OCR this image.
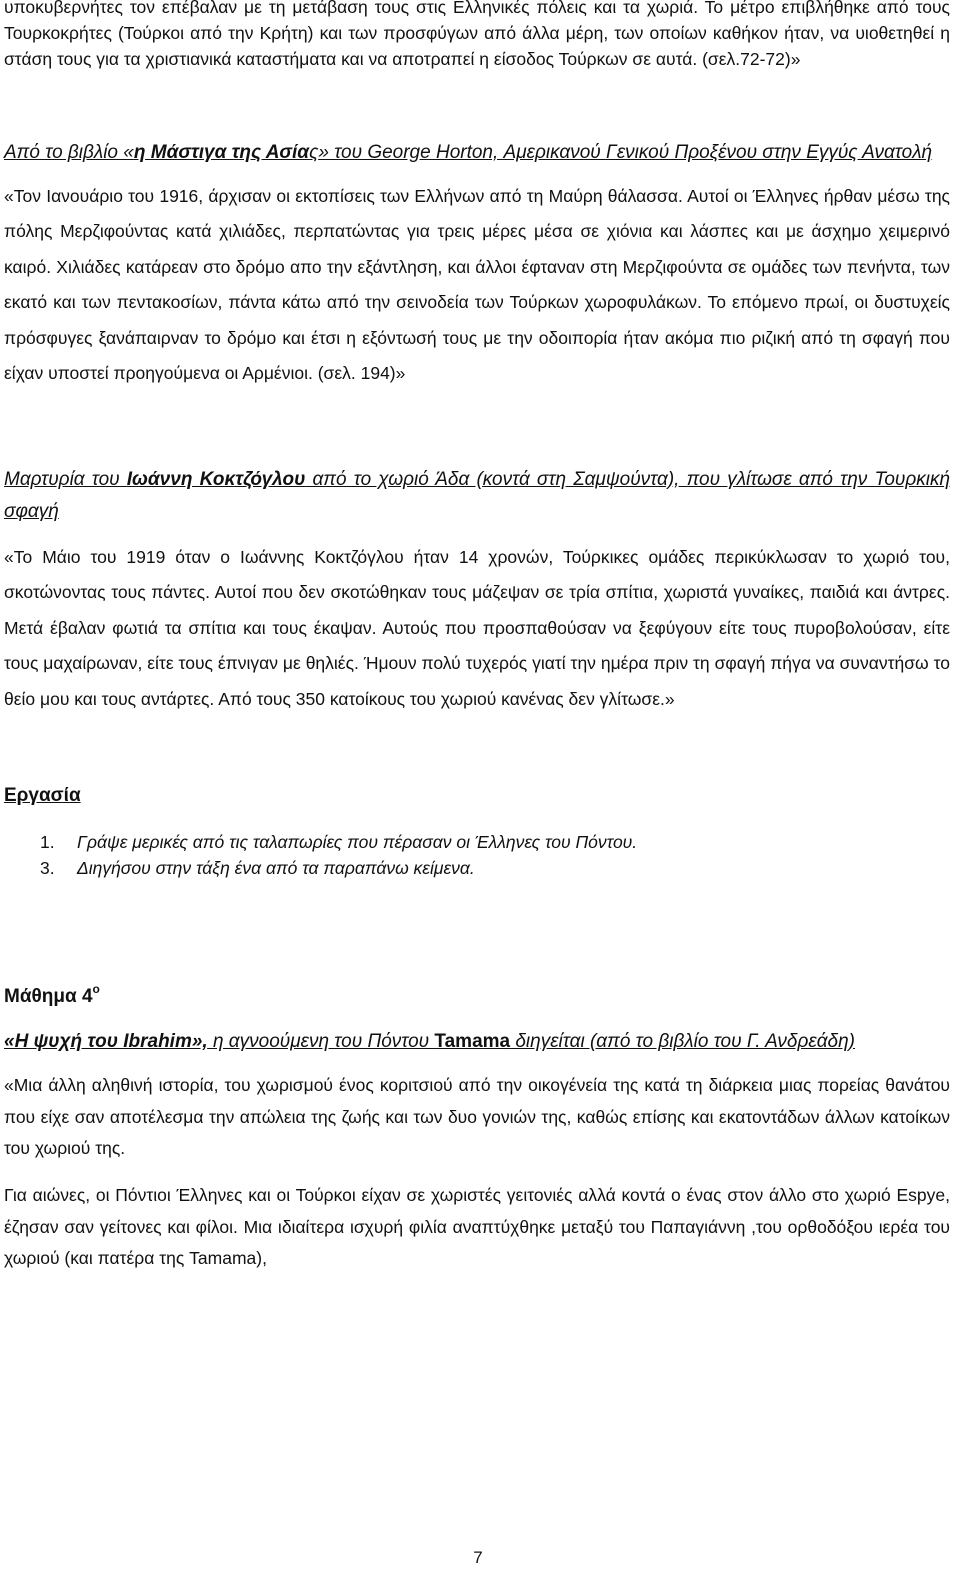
υποκυβερνήτες τον επέβαλαν με τη μετάβαση τους στις Ελληνικές πόλεις και τα χωριά. Το μέτρο επιβλήθηκε από τους Τουρκοκρήτες (Τούρκοι από την Κρήτη) και των προσφύγων από άλλα μέρη, των οποίων καθήκον ήταν, να υιοθετηθεί η στάση τους για τα χριστιανικά καταστήματα και να αποτραπεί η είσοδος Τούρκων σε αυτά. (σελ.72-72)»

Από το βιβλίο «η Μάστιγα της Ασίας» του George Horton, Αμερικανού Γενικού Προξένου στην Εγγύς Ανατολή

«Τον Ιανουάριο του 1916, άρχισαν οι εκτοπίσεις των Ελλήνων από τη Μαύρη θάλασσα. Αυτοί οι Έλληνες ήρθαν μέσω της πόλης Μερζιφούντας κατά χιλιάδες, περπατώντας για τρεις μέρες μέσα σε χιόνια και λάσπες και με άσχημο χειμερινό καιρό. Χιλιάδες κατάρεαν στο δρόμο απο την εξάντληση, και άλλοι έφταναν στη Μερζιφούντα σε ομάδες των πενήντα, των εκατό και των πεντακοσίων, πάντα κάτω από την σεινοδεία των Τούρκων χωροφυλάκων. Το επόμενο πρωί, οι δυστυχείς πρόσφυγες ξανάπαιρναν το δρόμο και έτσι η εξόντωσή τους με την οδοιπορία ήταν ακόμα πιο ριζική από τη σφαγή που είχαν υποστεί προηγούμενα οι Αρμένιοι. (σελ. 194)»

Μαρτυρία του Ιωάννη Κοκτζόγλου από το χωριό Άδα (κοντά στη Σαμψούντα), που γλίτωσε από την Τουρκική σφαγή

«Το Μάιο του 1919 όταν ο Ιωάννης Κοκτζόγλου ήταν 14 χρονών, Τούρκικες ομάδες περικύκλωσαν το χωριό του, σκοτώνοντας τους πάντες. Αυτοί που δεν σκοτώθηκαν τους μάζεψαν σε τρία σπίτια, χωριστά γυναίκες, παιδιά και άντρες. Μετά έβαλαν φωτιά τα σπίτια και τους έκαψαν. Αυτούς που προσπαθούσαν να ξεφύγουν είτε τους πυροβολούσαν, είτε τους μαχαίρωναν, είτε τους έπνιγαν με θηλιές. Ήμουν πολύ τυχερός γιατί την ημέρα πριν τη σφαγή πήγα να συναντήσω το θείο μου και τους αντάρτες. Από τους 350 κατοίκους του χωριού κανένας δεν γλίτωσε.»

Εργασία
1.	Γράψε μερικές από τις ταλαπωρίες που πέρασαν οι Έλληνες του Πόντου.
3.	Διηγήσου στην τάξη ένα από τα παραπάνω κείμενα.
Μάθημα $4^o$

«Η ψυχή του Ibrahim», η αγνοούμενη του Πόντου Tamama διηγείται (από το βιβλίο του Γ. Ανδρεάδη)

«Μια άλλη αληθινή ιστορία, του χωρισμού ένος κοριτσιού από την οικογένεία της κατά τη διάρκεια μιας πορείας θανάτου που είχε σαν αποτέλεσμα την απώλεια της ζωής και των δυο γονιών της, καθώς επίσης και εκατοντάδων άλλων κατοίκων του χωριού της.

Για αιώνες, οι Πόντιοι Έλληνες και οι Τούρκοι είχαν σε χωριστές γειτονιές αλλά κοντά ο ένας στον άλλο στο χωριό Espye, έζησαν σαν γείτονες και φίλοι. Μια ιδιαίτερα ισχυρή φιλία αναπτύχθηκε μεταξύ του Παπαγιάννη ,του ορθοδόξου ιερέα του χωριού (και πατέρα της Tamama),

7
